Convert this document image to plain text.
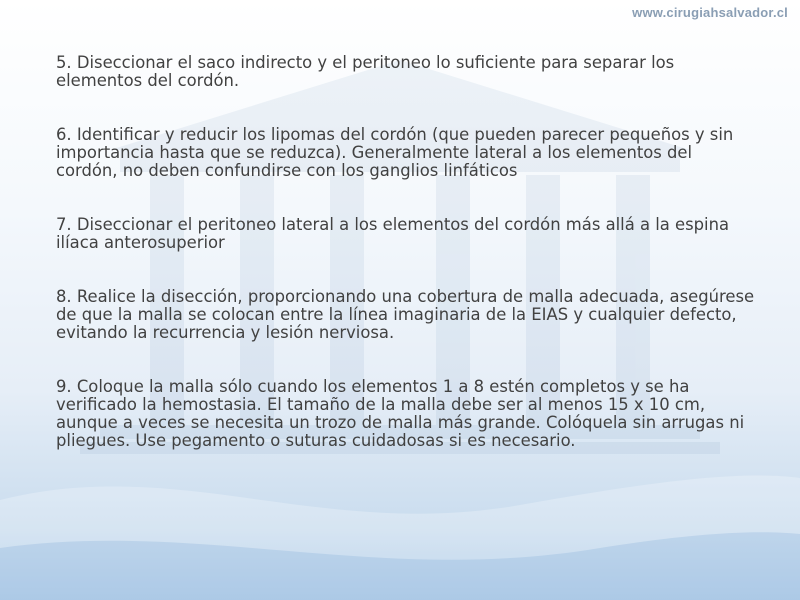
www.cirugiahsalvador.cl

5. Diseccionar el saco indirecto y el peritoneo lo suficiente para separar los elementos del cordón.

6. Identificar y reducir los lipomas del cordón (que pueden parecer pequeños y sin importancia hasta que se reduzca). Generalmente lateral a los elementos del cordón, no deben confundirse con los ganglios linfáticos

7. Diseccionar el peritoneo lateral a los elementos del cordón más allá a la espina ilíaca anterosuperior

8. Realice la disección, proporcionando una cobertura de malla adecuada, asegúrese de que la malla se colocan entre la línea imaginaria de la EIAS y cualquier defecto, evitando la recurrencia y lesión nerviosa.

9. Coloque la malla sólo cuando los elementos 1 a 8 estén completos y se ha verificado la hemostasia. El tamaño de la malla debe ser al menos 15 x 10 cm, aunque a veces se necesita un trozo de malla más grande. Colóquela sin arrugas ni pliegues. Use pegamento o suturas cuidadosas si es necesario.
